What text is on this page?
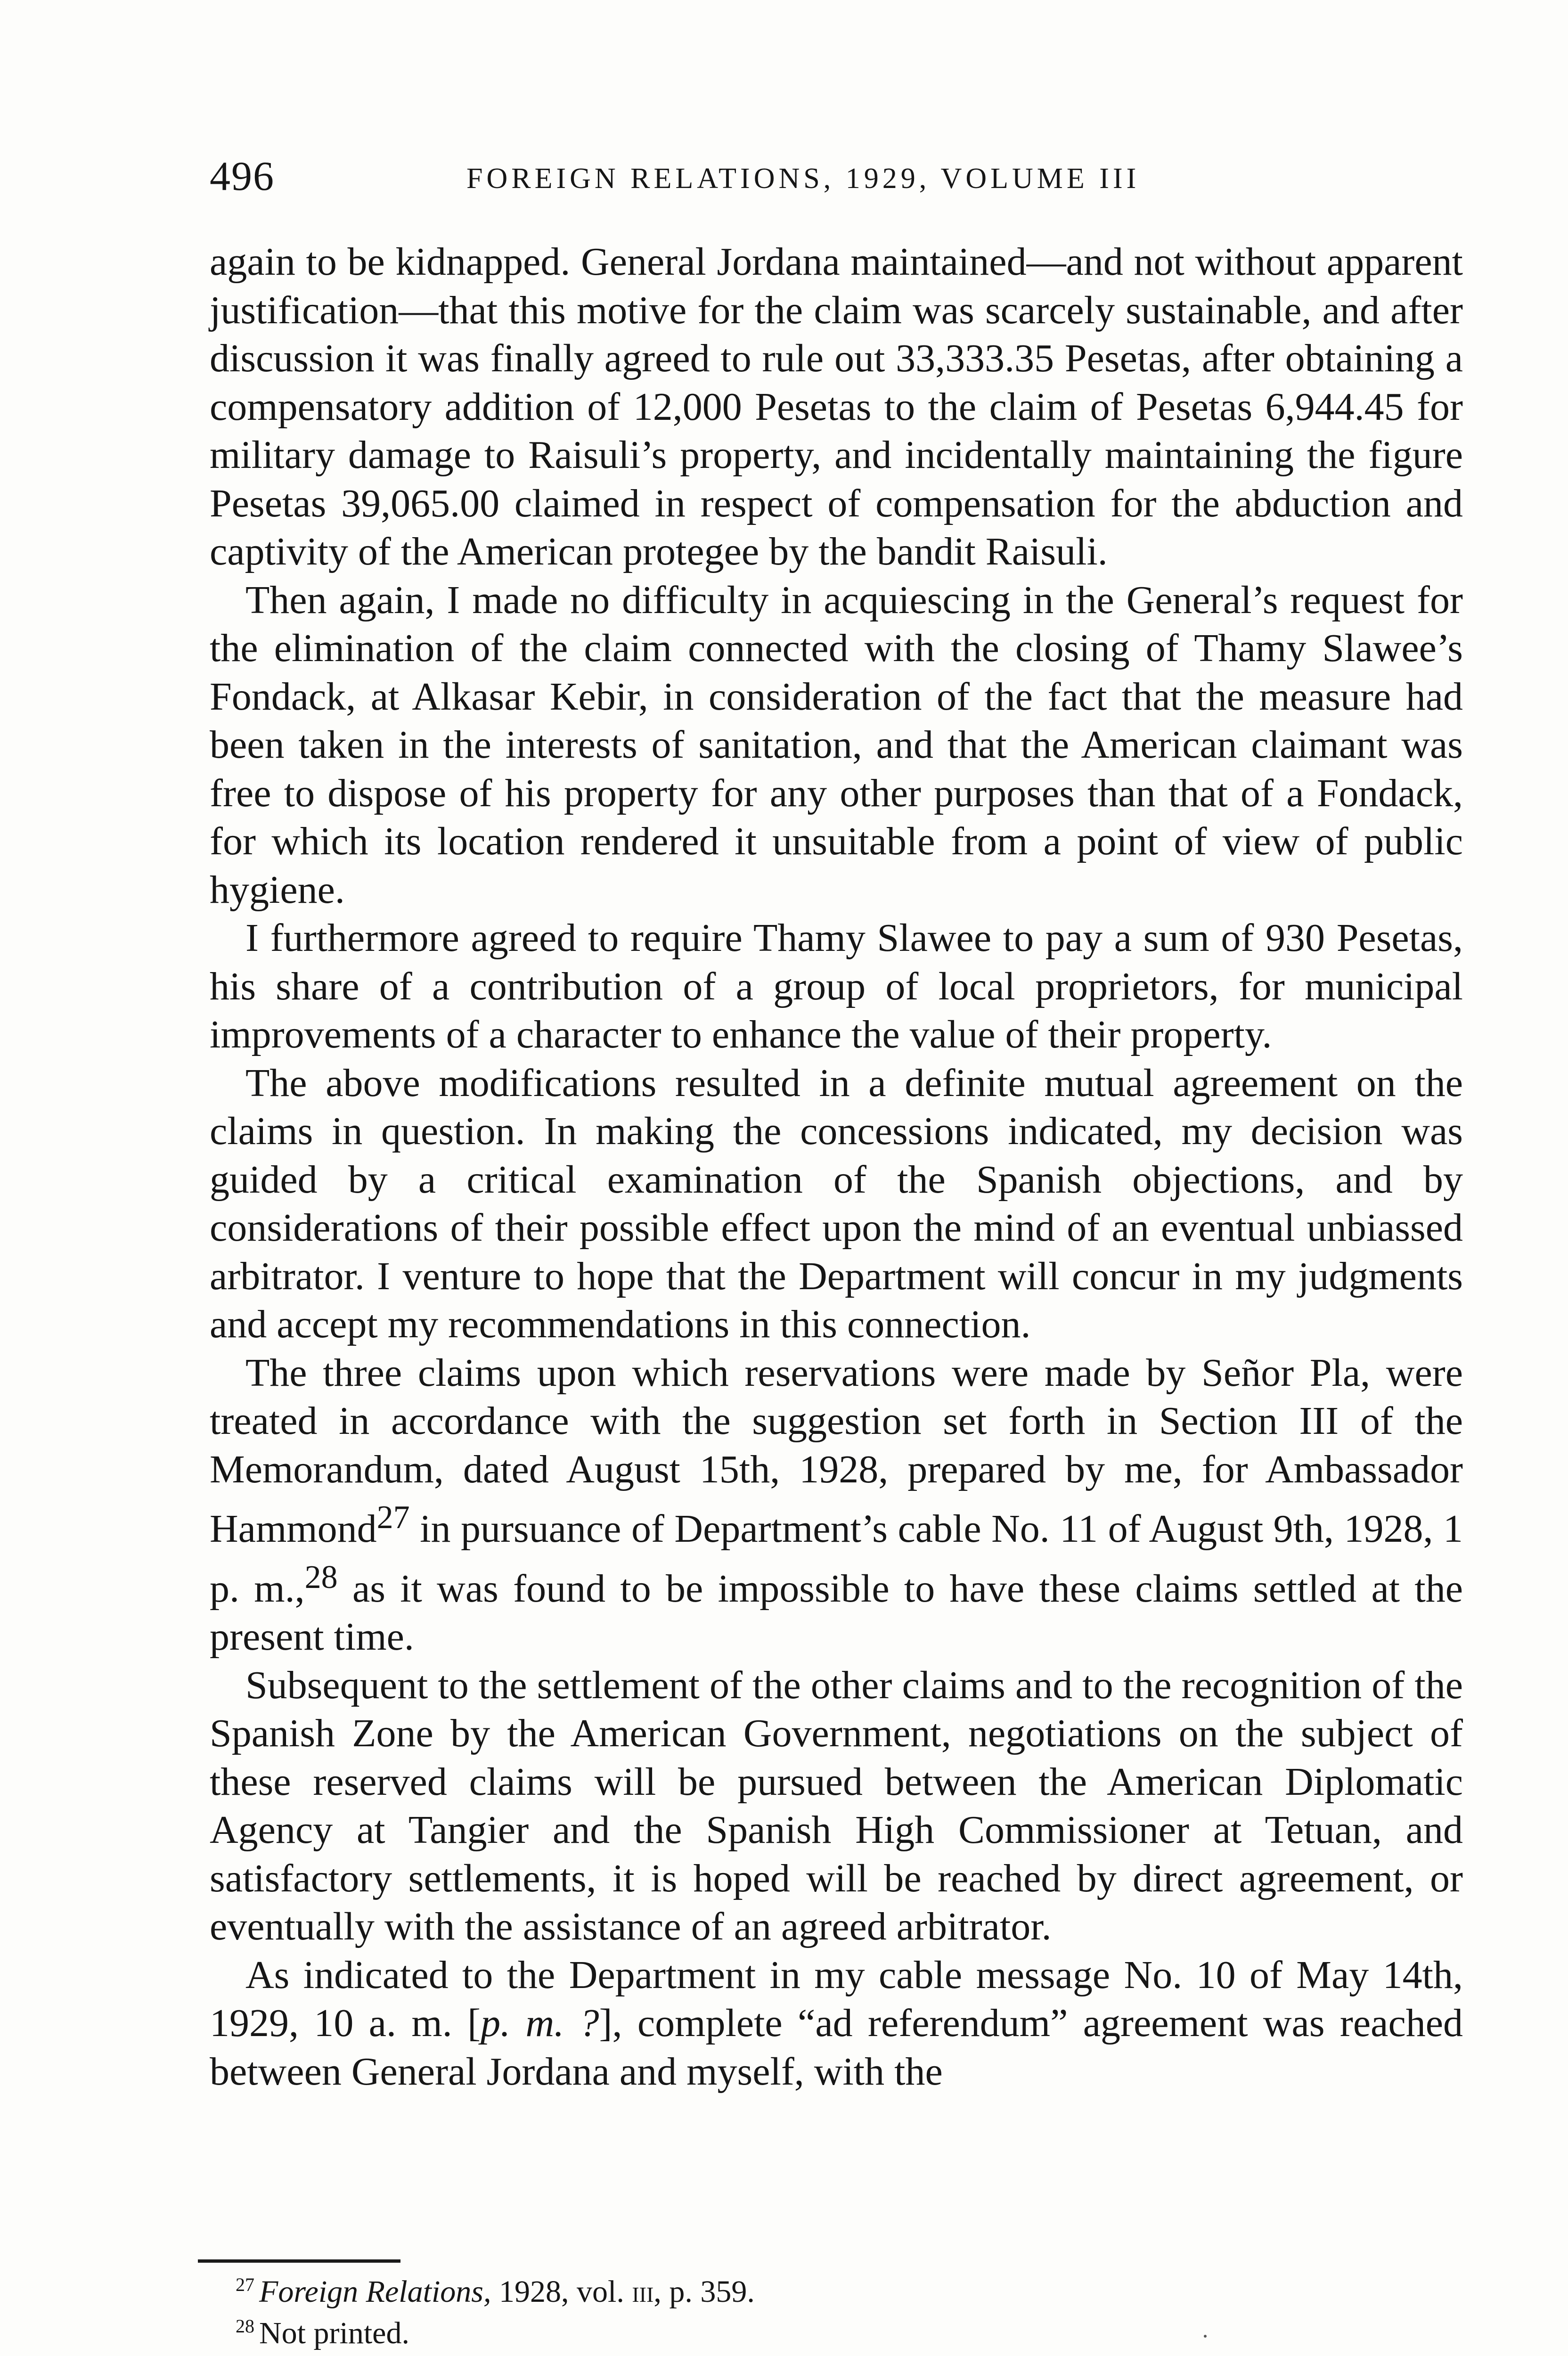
496	FOREIGN RELATIONS, 1929, VOLUME III

again to be kidnapped. General Jordana maintained—and not without apparent justification—that this motive for the claim was scarcely sustainable, and after discussion it was finally agreed to rule out 33,333.35 Pesetas, after obtaining a compensatory addition of 12,000 Pesetas to the claim of Pesetas 6,944.45 for military damage to Raisuli’s property, and incidentally maintaining the figure Pesetas 39,065.00 claimed in respect of compensation for the abduction and captivity of the American protegee by the bandit Raisuli.

Then again, I made no difficulty in acquiescing in the General’s request for the elimination of the claim connected with the closing of Thamy Slawee’s Fondack, at Alkasar Kebir, in consideration of the fact that the measure had been taken in the interests of sanitation, and that the American claimant was free to dispose of his property for any other purposes than that of a Fondack, for which its location rendered it unsuitable from a point of view of public hygiene.

I furthermore agreed to require Thamy Slawee to pay a sum of 930 Pesetas, his share of a contribution of a group of local proprietors, for municipal improvements of a character to enhance the value of their property.

The above modifications resulted in a definite mutual agreement on the claims in question. In making the concessions indicated, my decision was guided by a critical examination of the Spanish objections, and by considerations of their possible effect upon the mind of an eventual unbiassed arbitrator. I venture to hope that the Department will concur in my judgments and accept my recommendations in this connection.

The three claims upon which reservations were made by Señor Pla, were treated in accordance with the suggestion set forth in Section III of the Memorandum, dated August 15th, 1928, prepared by me, for Ambassador Hammond$^{27}$ in pursuance of Department’s cable No. 11 of August 9th, 1928, 1 p. m.,$^{28}$ as it was found to be impossible to have these claims settled at the present time.

Subsequent to the settlement of the other claims and to the recognition of the Spanish Zone by the American Government, negotiations on the subject of these reserved claims will be pursued between the American Diplomatic Agency at Tangier and the Spanish High Commissioner at Tetuan, and satisfactory settlements, it is hoped will be reached by direct agreement, or eventually with the assistance of an agreed arbitrator.

As indicated to the Department in my cable message No. 10 of May 14th, 1929, 10 a. m. [p. m. ?], complete “ad referendum” agreement was reached between General Jordana and myself, with the

$^{27}$ Foreign Relations, 1928, vol. iii, p. 359.

$^{28}$ Not printed.
